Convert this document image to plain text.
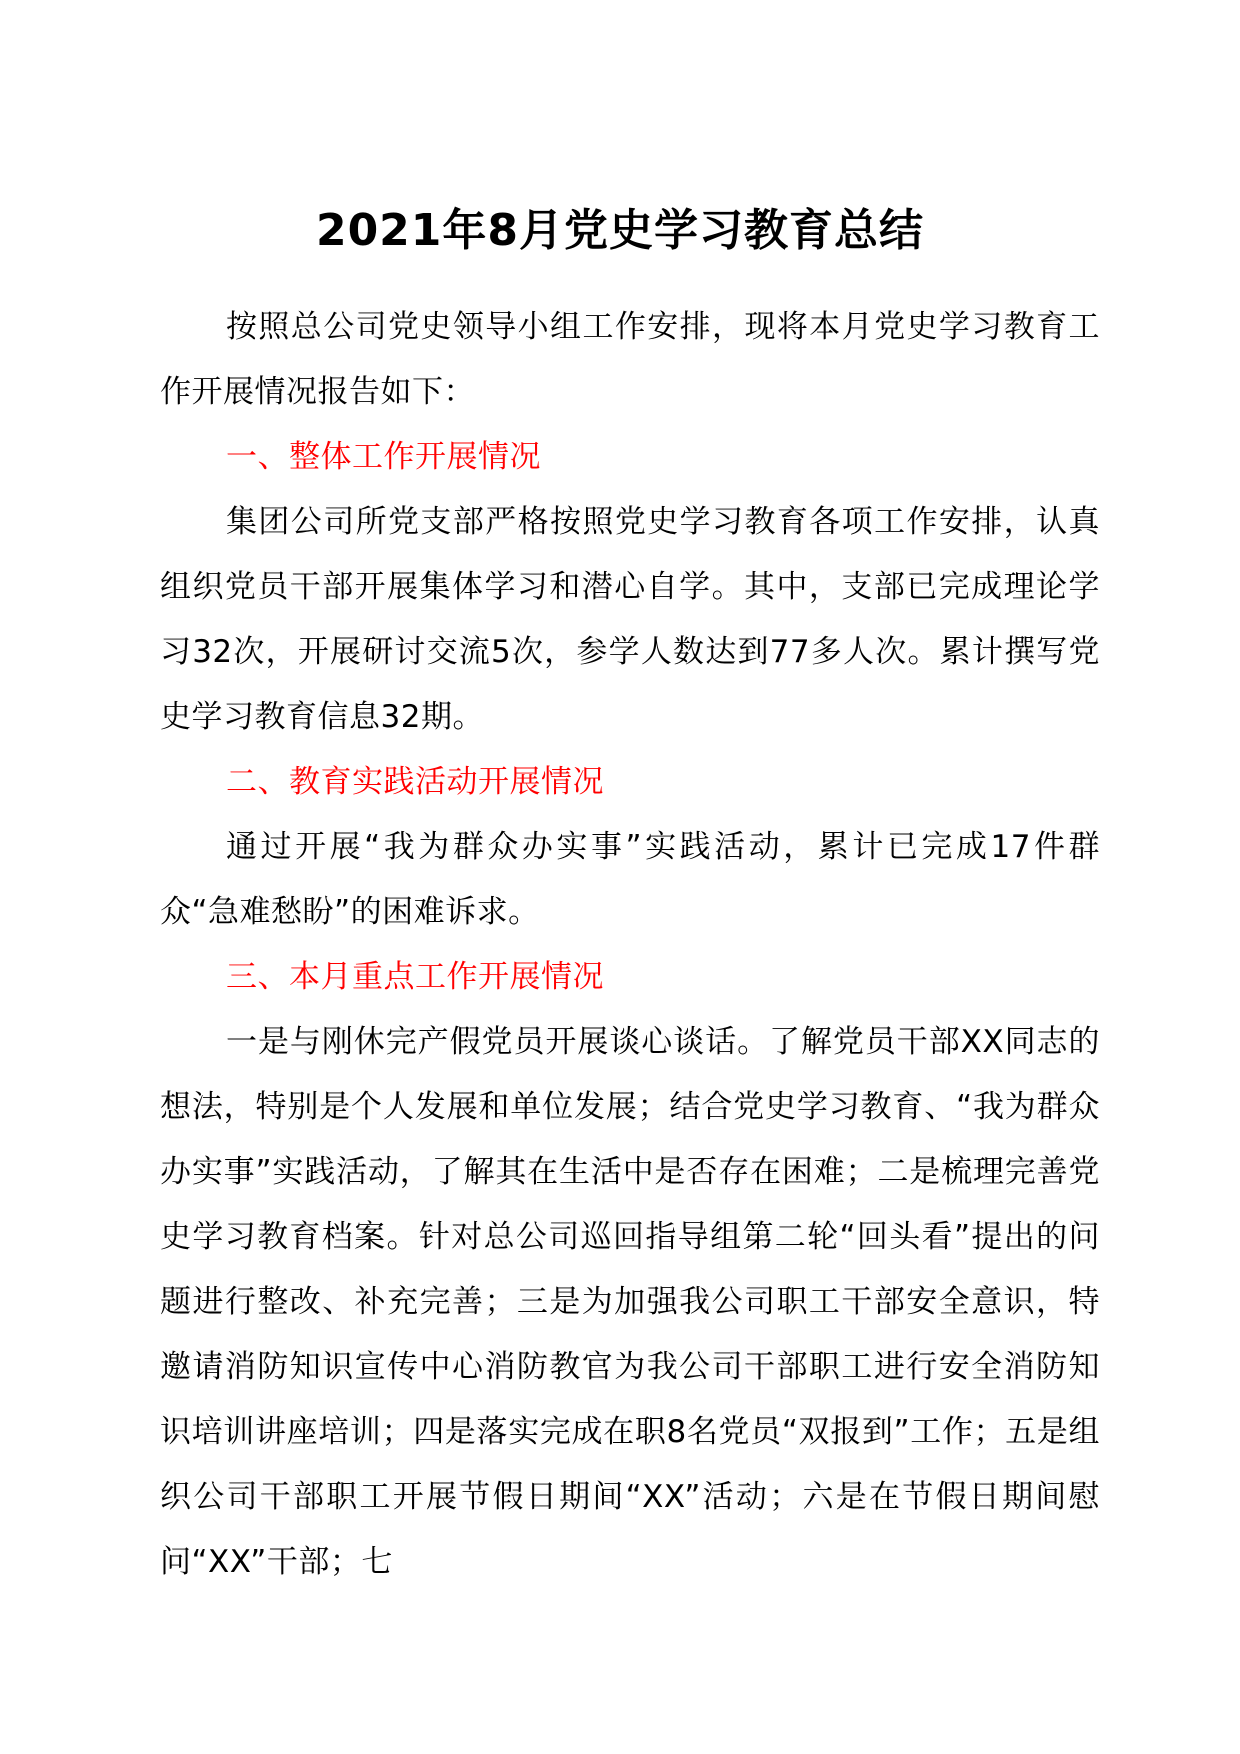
2021年8月党史学习教育总结

按照总公司党史领导小组工作安排，现将本月党史学习教育工作开展情况报告如下：

一、整体工作开展情况

集团公司所党支部严格按照党史学习教育各项工作安排，认真组织党员干部开展集体学习和潜心自学。其中，支部已完成理论学习32次，开展研讨交流5次，参学人数达到77多人次。累计撰写党史学习教育信息32期。

二、教育实践活动开展情况

通过开展“我为群众办实事”实践活动，累计已完成17件群众“急难愁盼”的困难诉求。

三、本月重点工作开展情况

一是与刚休完产假党员开展谈心谈话。了解党员干部XX同志的想法，特别是个人发展和单位发展；结合党史学习教育、“我为群众办实事”实践活动，了解其在生活中是否存在困难；二是梳理完善党史学习教育档案。针对总公司巡回指导组第二轮“回头看”提出的问题进行整改、补充完善；三是为加强我公司职工干部安全意识，特邀请消防知识宣传中心消防教官为我公司干部职工进行安全消防知识培训讲座培训；四是落实完成在职8名党员“双报到”工作；五是组织公司干部职工开展节假日期间“XX”活动；六是在节假日期间慰问“XX”干部；七
